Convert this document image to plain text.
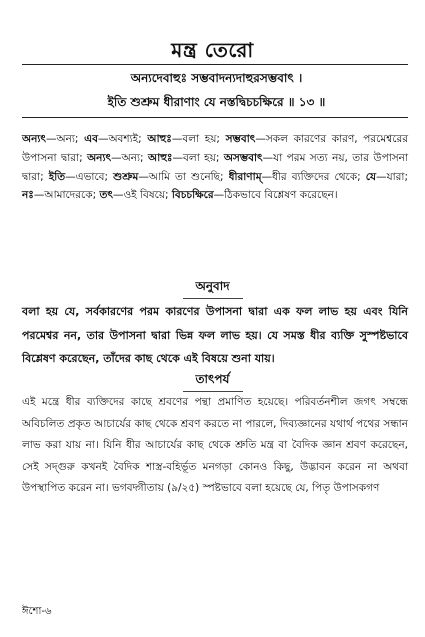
মন্ত্র তেরো
অন্যদেবাহুঃ সম্ভবাদন্যদাহুরসম্ভবাৎ ।
ইতি শুশ্রুম ধীরাণাং যে নস্তদ্বিচচক্ষিরে ॥ ১৩ ॥
অন্যৎ—অন্য; এব—অবশ্যই; আহুঃ—বলা হয়; সম্ভবাৎ—সকল কারণের কারণ, পরমেশ্বরের উপাসনা দ্বারা; অন্যৎ—অন্য; আহুঃ—বলা হয়; অসম্ভবাৎ—যা পরম সত্য নয়, তার উপাসনা দ্বারা; ইতি—এভাবে; শুশ্রুম—আমি তা শুনেছি; ধীরাণাম্—ধীর ব্যক্তিদের থেকে; যে—যারা; নঃ—আমাদেরকে; তৎ—ওই বিষয়ে; বিচচক্ষিরে—ঠিকভাবে বিশ্লেষণ করেছেন।
অনুবাদ
বলা হয় যে, সর্বকারণের পরম কারণের উপাসনা দ্বারা এক ফল লাভ হয় এবং যিনি পরমেশ্বর নন, তার উপাসনা দ্বারা ভিন্ন ফল লাভ হয়। যে সমস্ত ধীর ব্যক্তি সুস্পষ্টভাবে বিশ্লেষণ করেছেন, তাঁদের কাছ থেকে এই বিষয়ে শুনা যায়।
তাৎপর্য
এই মন্ত্রে ধীর ব্যক্তিদের কাছে শ্রবণের পন্থা প্রমাণিত হয়েছে। পরিবর্তনশীল জগৎ সম্বন্ধে অবিচলিত প্রকৃত আচার্যের কাছ থেকে শ্রবণ করতে না পারলে, দিব্যজ্ঞানের যথার্থ পথের সন্ধান লাভ করা যায় না। যিনি ধীর আচার্যের কাছ থেকে শ্রুতি মন্ত্র বা বৈদিক জ্ঞান শ্রবণ করেছেন, সেই সদ্গুরু কখনই বৈদিক শাস্ত্র-বহির্ভূত মনগড়া কোনও কিছু, উদ্ভাবন করেন না অথবা উপস্থাপিত করেন না। ভগবদ্গীতায় (৯/২৫) স্পষ্টভাবে বলা হয়েছে যে, পিতৃ উপাসকগণ
ঈশো-৬
